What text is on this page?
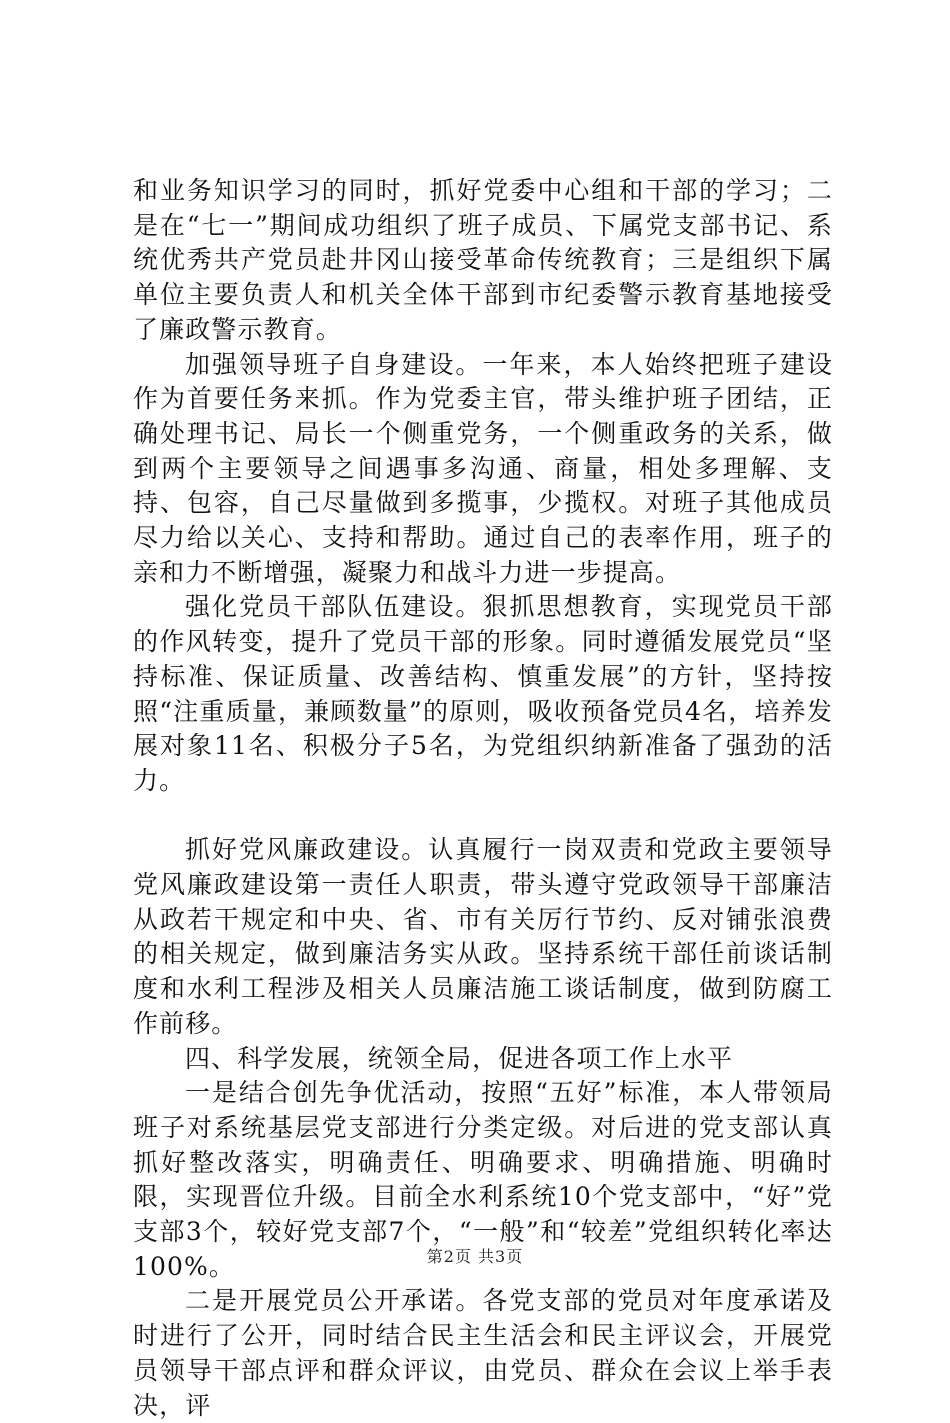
和业务知识学习的同时，抓好党委中心组和干部的学习；二是在“七一”期间成功组织了班子成员、下属党支部书记、系统优秀共产党员赴井冈山接受革命传统教育；三是组织下属单位主要负责人和机关全体干部到市纪委警示教育基地接受了廉政警示教育。

加强领导班子自身建设。一年来，本人始终把班子建设作为首要任务来抓。作为党委主官，带头维护班子团结，正确处理书记、局长一个侧重党务，一个侧重政务的关系，做到两个主要领导之间遇事多沟通、商量，相处多理解、支持、包容，自己尽量做到多揽事，少揽权。对班子其他成员尽力给以关心、支持和帮助。通过自己的表率作用，班子的亲和力不断增强，凝聚力和战斗力进一步提高。

强化党员干部队伍建设。狠抓思想教育，实现党员干部的作风转变，提升了党员干部的形象。同时遵循发展党员“坚持标准、保证质量、改善结构、慎重发展”的方针，坚持按照“注重质量，兼顾数量”的原则，吸收预备党员4名，培养发展对象11名、积极分子5名，为党组织纳新准备了强劲的活力。

抓好党风廉政建设。认真履行一岗双责和党政主要领导党风廉政建设第一责任人职责，带头遵守党政领导干部廉洁从政若干规定和中央、省、市有关厉行节约、反对铺张浪费的相关规定，做到廉洁务实从政。坚持系统干部任前谈话制度和水利工程涉及相关人员廉洁施工谈话制度，做到防腐工作前移。

四、科学发展，统领全局，促进各项工作上水平

一是结合创先争优活动，按照“五好”标准，本人带领局班子对系统基层党支部进行分类定级。对后进的党支部认真抓好整改落实，明确责任、明确要求、明确措施、明确时限，实现晋位升级。目前全水利系统10个党支部中，“好”党支部3个，较好党支部7个，“一般”和“较差”党组织转化率达100%。

二是开展党员公开承诺。各党支部的党员对年度承诺及时进行了公开，同时结合民主生活会和民主评议会，开展党员领导干部点评和群众评议，由党员、群众在会议上举手表决，评

第2页 共3页
